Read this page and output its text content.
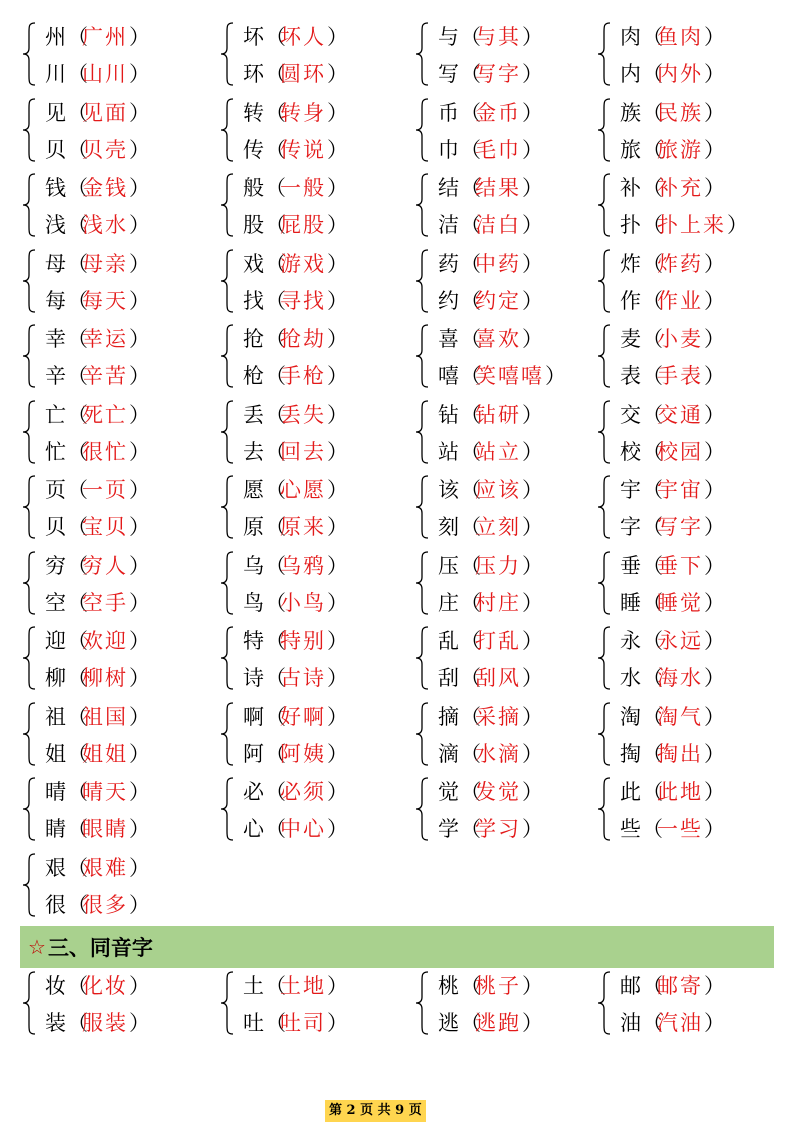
州（广州）
川（山川）
坏（坏人）
环（圆环）
与（与其）
写（写字）
肉（鱼肉）
内（内外）
见（见面）
贝（贝壳）
转（转身）
传（传说）
币（金币）
巾（毛巾）
族（民族）
旅（旅游）
钱（金钱）
浅（浅水）
般（一般）
股（屁股）
结（结果）
洁（洁白）
补（补充）
扑（扑上来）
母（母亲）
每（每天）
戏（游戏）
找（寻找）
药（中药）
约（约定）
炸（炸药）
作（作业）
幸（幸运）
辛（辛苦）
抢（抢劫）
枪（手枪）
喜（喜欢）
嘻（笑嘻嘻）
麦（小麦）
表（手表）
亡（死亡）
忙（很忙）
丢（丢失）
去（回去）
钻（钻研）
站（站立）
交（交通）
校（校园）
页（一页）
贝（宝贝）
愿（心愿）
原（原来）
该（应该）
刻（立刻）
宇（宇宙）
字（写字）
穷（穷人）
空（空手）
乌（乌鸦）
鸟（小鸟）
压（压力）
庄（村庄）
垂（垂下）
睡（睡觉）
迎（欢迎）
柳（柳树）
特（特别）
诗（古诗）
乱（打乱）
刮（刮风）
永（永远）
水（海水）
祖（祖国）
姐（姐姐）
啊（好啊）
阿（阿姨）
摘（采摘）
滴（水滴）
淘（淘气）
掏（掏出）
晴（晴天）
睛（眼睛）
必（必须）
心（中心）
觉（发觉）
学（学习）
此（此地）
些（一些）
艰（艰难）
很（很多）
☆ 三、同音字
妆（化妆）
装（服装）
土（土地）
吐（吐司）
桃（桃子）
逃（逃跑）
邮（邮寄）
油（汽油）
第 2 页 共 9 页
